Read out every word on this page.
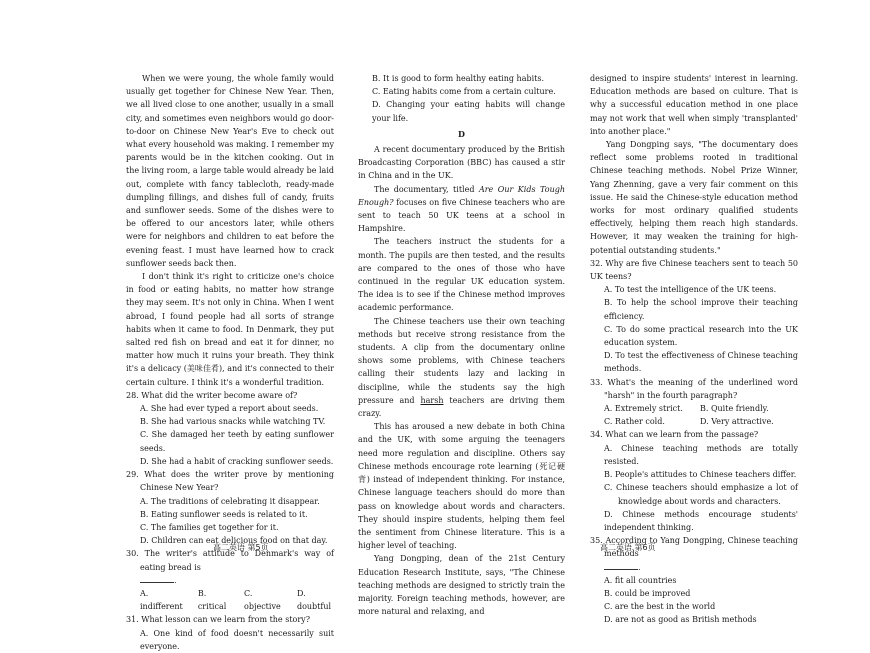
When we were young, the whole family would usually get together for Chinese New Year. Then, we all lived close to one another, usually in a small city, and sometimes even neighbors would go door-to-door on Chinese New Year's Eve to check out what every household was making. I remember my parents would be in the kitchen cooking. Out in the living room, a large table would already be laid out, complete with fancy tablecloth, ready-made dumpling fillings, and dishes full of candy, fruits and sunflower seeds. Some of the dishes were to be offered to our ancestors later, while others were for neighbors and children to eat before the evening feast. I must have learned how to crack sunflower seeds back then.

I don't think it's right to criticize one's choice in food or eating habits, no matter how strange they may seem. It's not only in China. When I went abroad, I found people had all sorts of strange habits when it came to food. In Denmark, they put salted red fish on bread and eat it for dinner, no matter how much it ruins your breath. They think it's a delicacy (美味佳肴), and it's connected to their certain culture. I think it's a wonderful tradition.

28. What did the writer become aware of?
A. She had ever typed a report about seeds.
B. She had various snacks while watching TV.
C. She damaged her teeth by eating sunflower seeds.
D. She had a habit of cracking sunflower seeds.
29. What does the writer prove by mentioning Chinese New Year?
A. The traditions of celebrating it disappear.
B. Eating sunflower seeds is related to it.
C. The families get together for it.
D. Children can eat delicious food on that day.
30. The writer's attitude to Denmark's way of eating bread is
.
A. indifferent
B. critical
C. objective
D. doubtful
31. What lesson can we learn from the story?
A. One kind of food doesn't necessarily suit everyone.
B. It is good to form healthy eating habits.
C. Eating habits come from a certain culture.
D. Changing your eating habits will change your life.
D

A recent documentary produced by the British Broadcasting Corporation (BBC) has caused a stir in China and in the UK.

The documentary, titled Are Our Kids Tough Enough? focuses on five Chinese teachers who are sent to teach 50 UK teens at a school in Hampshire.

The teachers instruct the students for a month. The pupils are then tested, and the results are compared to the ones of those who have continued in the regular UK education system. The idea is to see if the Chinese method improves academic performance.

The Chinese teachers use their own teaching methods but receive strong resistance from the students. A clip from the documentary online shows some problems, with Chinese teachers calling their students lazy and lacking in discipline, while the students say the high pressure and harsh teachers are driving them crazy.

This has aroused a new debate in both China and the UK, with some arguing the teenagers need more regulation and discipline. Others say Chinese methods encourage rote learning (死记硬背) instead of independent thinking. For instance, Chinese language teachers should do more than pass on knowledge about words and characters. They should inspire students, helping them feel the sentiment from Chinese literature. This is a higher level of teaching.

Yang Dongping, dean of the 21st Century Education Research Institute, says, "The Chinese teaching methods are designed to strictly train the majority. Foreign teaching methods, however, are more natural and relaxing, and

designed to inspire students' interest in learning. Education methods are based on culture. That is why a successful education method in one place may not work that well when simply 'transplanted' into another place."

Yang Dongping says, "The documentary does reflect some problems rooted in traditional Chinese teaching methods. Nobel Prize Winner, Yang Zhenning, gave a very fair comment on this issue. He said the Chinese-style education method works for most ordinary qualified students effectively, helping them reach high standards. However, it may weaken the training for high-potential outstanding students."

32. Why are five Chinese teachers sent to teach 50 UK teens?
A. To test the intelligence of the UK teens.
B. To help the school improve their teaching efficiency.
C. To do some practical research into the UK education system.
D. To test the effectiveness of Chinese teaching methods.
33. What's the meaning of the underlined word "harsh" in the fourth paragraph?
A. Extremely strict.	B. Quite friendly.
C. Rather cold.	D. Very attractive.
34. What can we learn from the passage?
A. Chinese teaching methods are totally resisted.
B. People's attitudes to Chinese teachers differ.
C. Chinese teachers should emphasize a lot of knowledge about words and characters.
D. Chinese methods encourage students' independent thinking.
35. According to Yang Dongping, Chinese teaching methods
.
A. fit all countries
B. could be improved
C. are the best in the world
D. are not as good as British methods
高二英语 第5页	高二英语 第6页
